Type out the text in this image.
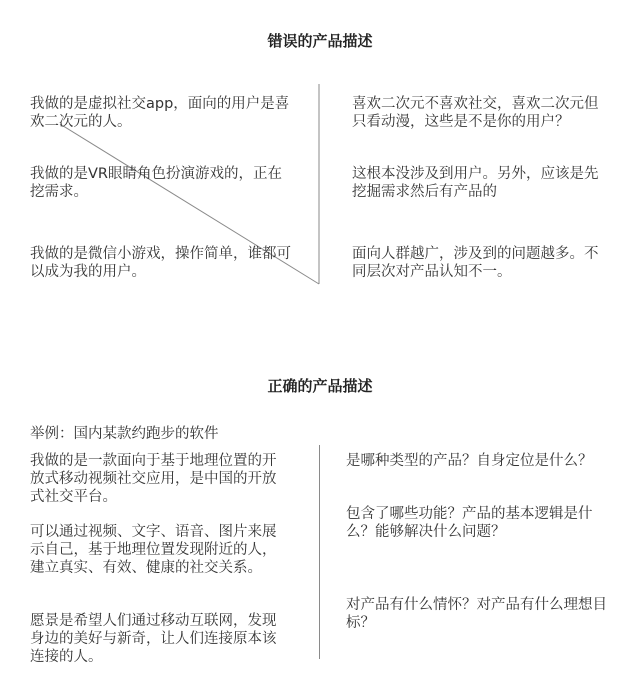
错误的产品描述
我做的是虚拟社交app，面向的用户是喜欢二次元的人。
我做的是VR眼睛角色扮演游戏的，正在挖需求。
我做的是微信小游戏，操作简单，谁都可以成为我的用户。
喜欢二次元不喜欢社交，喜欢二次元但只看动漫，这些是不是你的用户？
这根本没涉及到用户。另外，应该是先挖掘需求然后有产品的
面向人群越广，涉及到的问题越多。不同层次对产品认知不一。
正确的产品描述
举例：国内某款约跑步的软件
我做的是一款面向于基于地理位置的开放式移动视频社交应用，是中国的开放式社交平台。
可以通过视频、文字、语音、图片来展示自己，基于地理位置发现附近的人，建立真实、有效、健康的社交关系。
愿景是希望人们通过移动互联网，发现身边的美好与新奇，让人们连接原本该连接的人。
是哪种类型的产品？自身定位是什么？
包含了哪些功能？产品的基本逻辑是什么？能够解决什么问题？
对产品有什么情怀？对产品有什么理想目标？
